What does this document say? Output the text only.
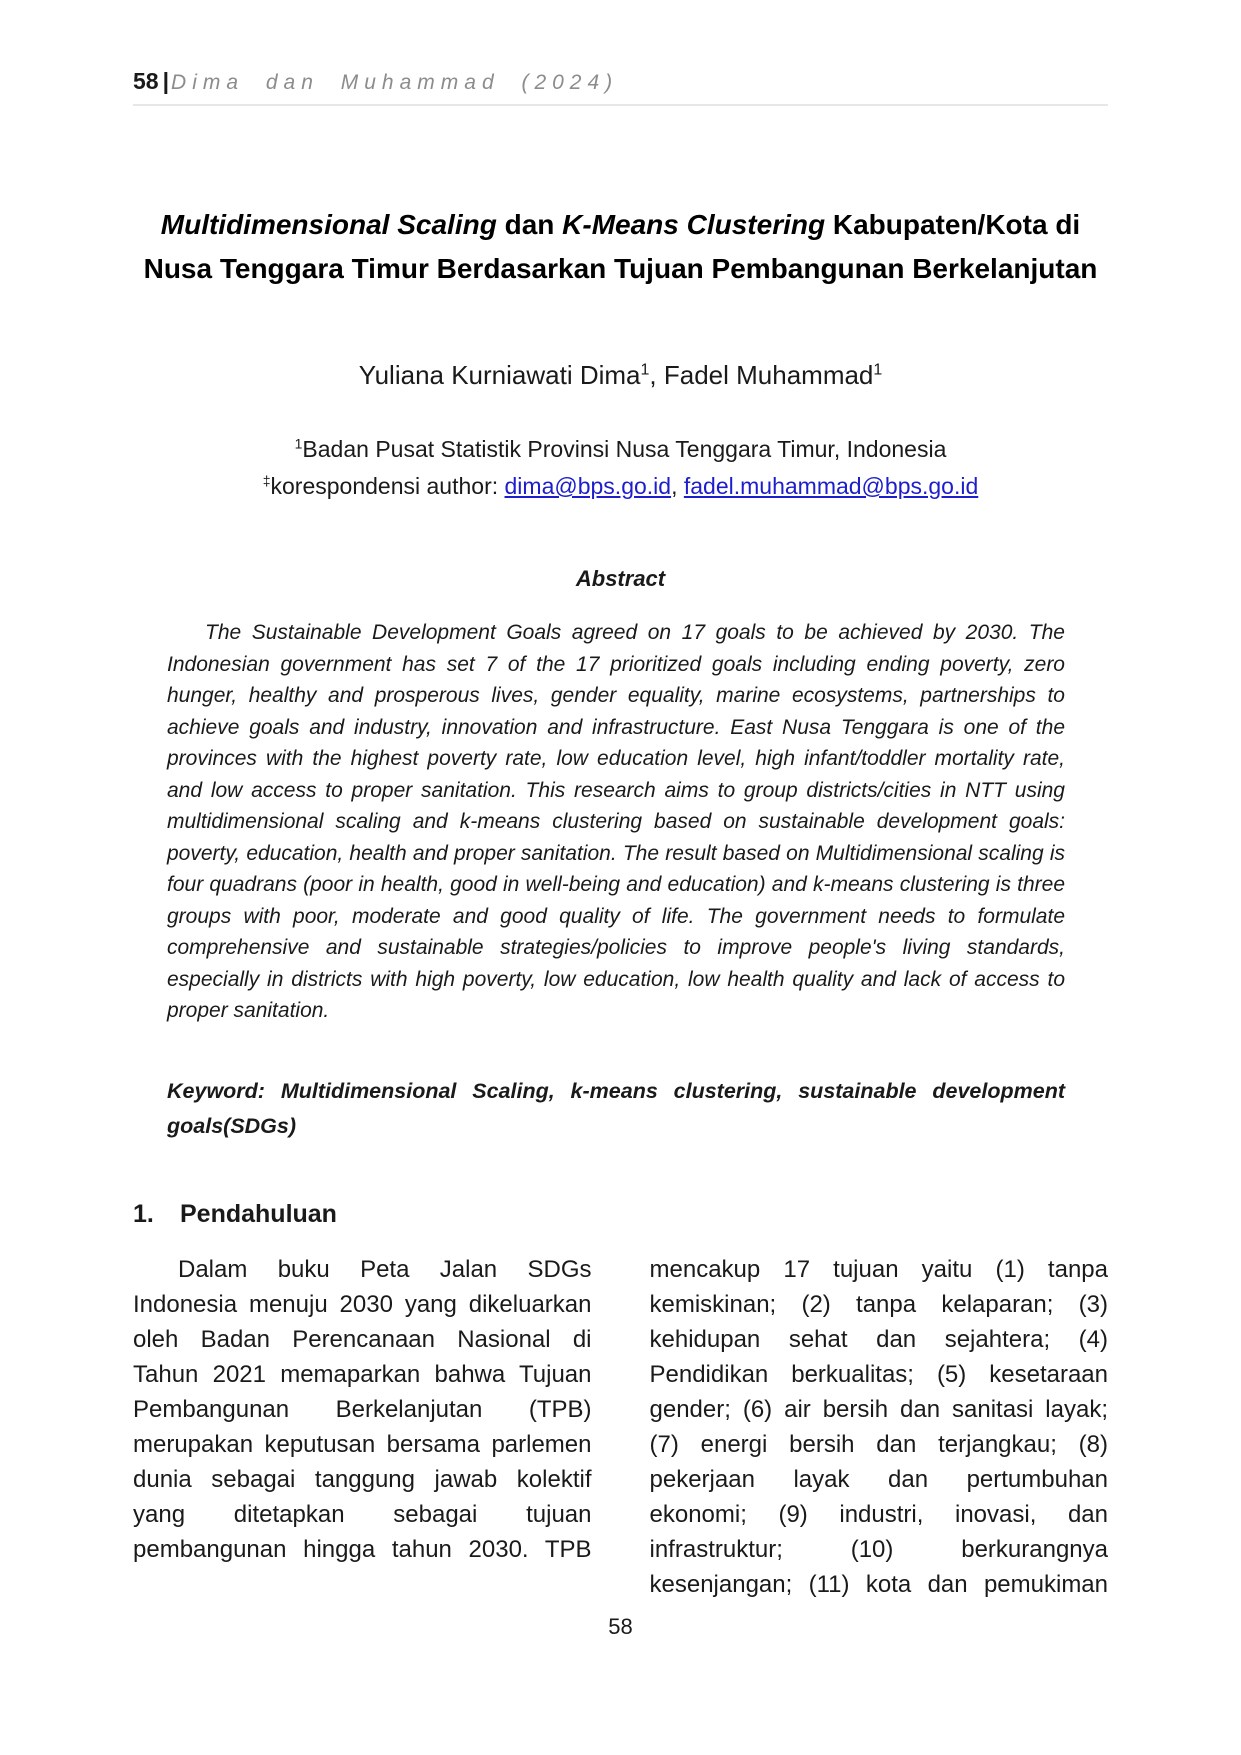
58 |Dima dan Muhammad (2024)
Multidimensional Scaling dan K-Means Clustering Kabupaten/Kota di
Nusa Tenggara Timur Berdasarkan Tujuan Pembangunan Berkelanjutan
Yuliana Kurniawati Dima$^1$, Fadel Muhammad$^1$
$^1$Badan Pusat Statistik Provinsi Nusa Tenggara Timur, Indonesia
‡korespondensi author: dima@bps.go.id, fadel.muhammad@bps.go.id
Abstract

The Sustainable Development Goals agreed on 17 goals to be achieved by 2030. The Indonesian government has set 7 of the 17 prioritized goals including ending poverty, zero hunger, healthy and prosperous lives, gender equality, marine ecosystems, partnerships to achieve goals and industry, innovation and infrastructure. East Nusa Tenggara is one of the provinces with the highest poverty rate, low education level, high infant/toddler mortality rate, and low access to proper sanitation. This research aims to group districts/cities in NTT using multidimensional scaling and k-means clustering based on sustainable development goals: poverty, education, health and proper sanitation. The result based on Multidimensional scaling is four quadrans (poor in health, good in well-being and education) and k-means clustering is three groups with poor, moderate and good quality of life. The government needs to formulate comprehensive and sustainable strategies/policies to improve people's living standards, especially in districts with high poverty, low education, low health quality and lack of access to proper sanitation.

Keyword: Multidimensional Scaling, k-means clustering, sustainable development goals(SDGs)

1. Pendahuluan

Dalam buku Peta Jalan SDGs Indonesia menuju 2030 yang dikeluarkan oleh Badan Perencanaan Nasional di Tahun 2021 memaparkan bahwa Tujuan Pembangunan Berkelanjutan (TPB) merupakan keputusan bersama parlemen dunia sebagai tanggung jawab kolektif yang ditetapkan sebagai tujuan pembangunan hingga tahun 2030. TPB

mencakup 17 tujuan yaitu (1) tanpa kemiskinan; (2) tanpa kelaparan; (3) kehidupan sehat dan sejahtera; (4) Pendidikan berkualitas; (5) kesetaraan gender; (6) air bersih dan sanitasi layak; (7) energi bersih dan terjangkau; (8) pekerjaan layak dan pertumbuhan ekonomi; (9) industri, inovasi, dan infrastruktur; (10) berkurangnya kesenjangan; (11) kota dan pemukiman

58
